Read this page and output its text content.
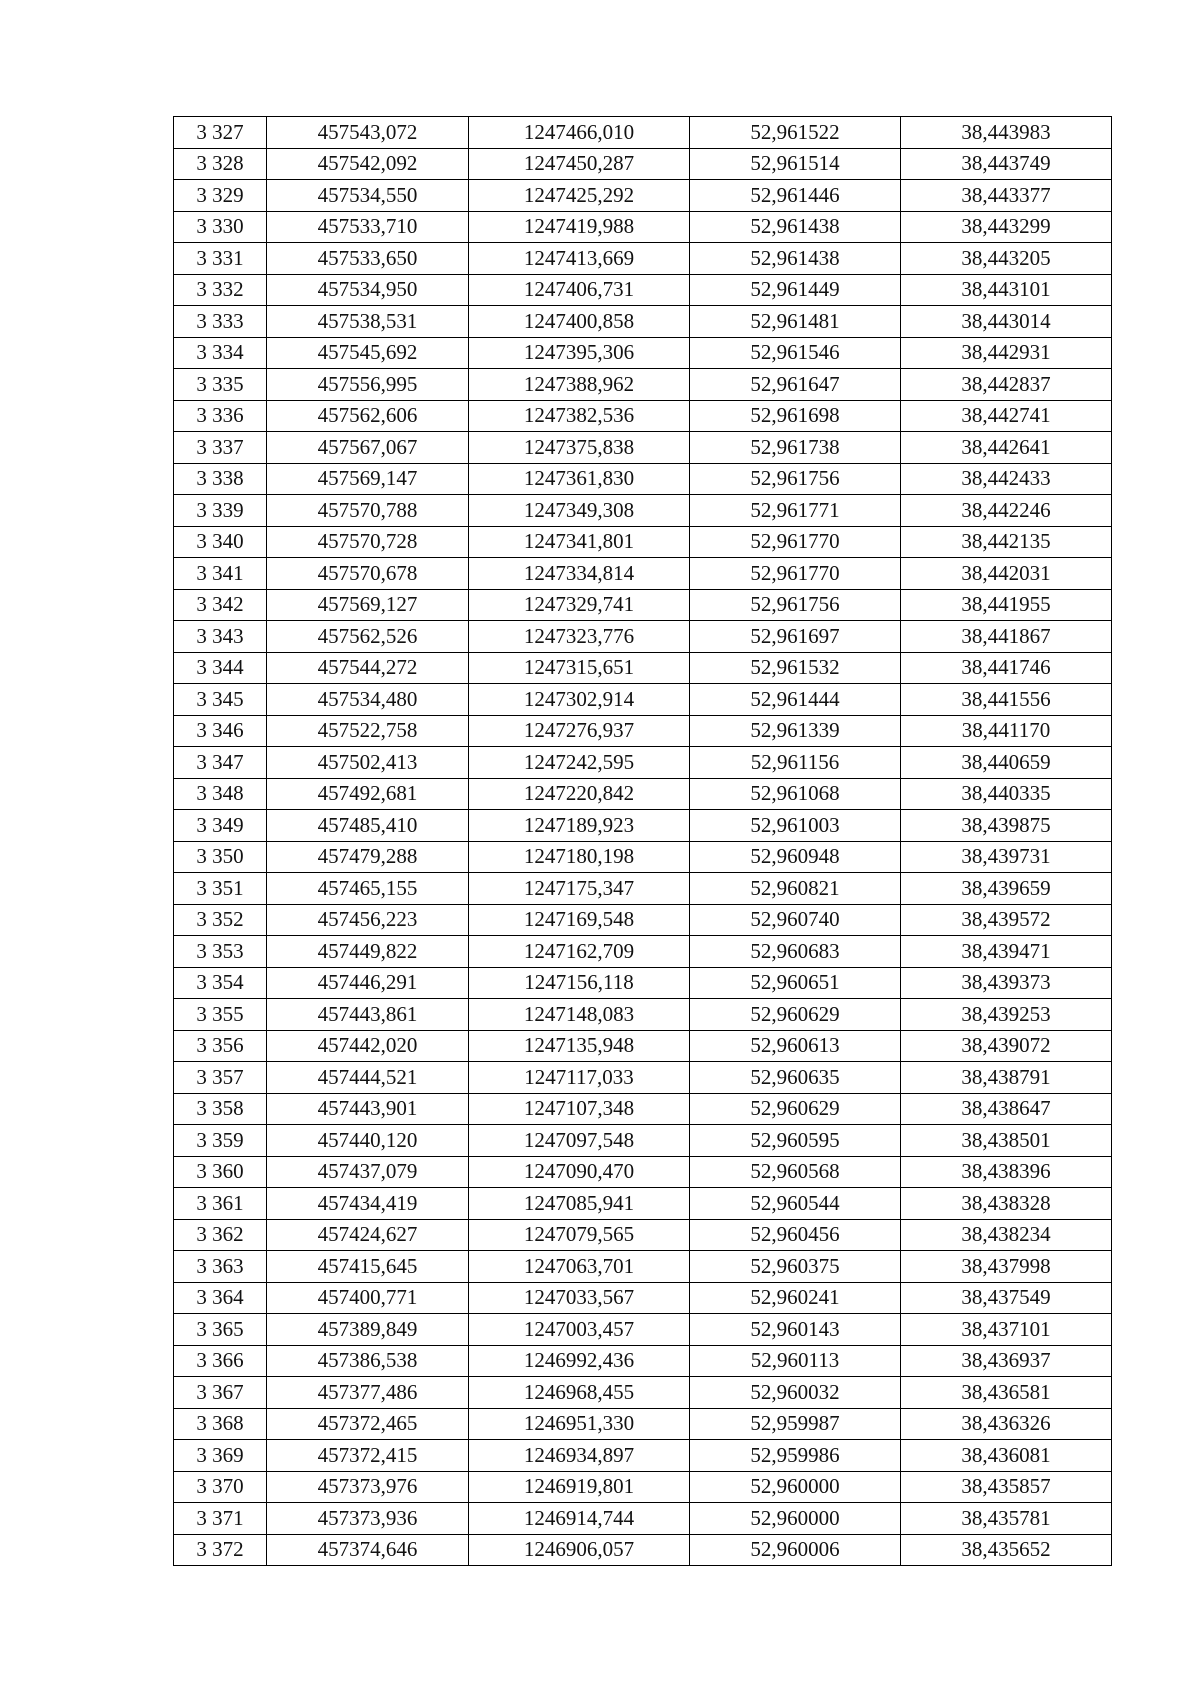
3 327	457543,072	1247466,010	52,961522	38,443983
3 328	457542,092	1247450,287	52,961514	38,443749
3 329	457534,550	1247425,292	52,961446	38,443377
3 330	457533,710	1247419,988	52,961438	38,443299
3 331	457533,650	1247413,669	52,961438	38,443205
3 332	457534,950	1247406,731	52,961449	38,443101
3 333	457538,531	1247400,858	52,961481	38,443014
3 334	457545,692	1247395,306	52,961546	38,442931
3 335	457556,995	1247388,962	52,961647	38,442837
3 336	457562,606	1247382,536	52,961698	38,442741
3 337	457567,067	1247375,838	52,961738	38,442641
3 338	457569,147	1247361,830	52,961756	38,442433
3 339	457570,788	1247349,308	52,961771	38,442246
3 340	457570,728	1247341,801	52,961770	38,442135
3 341	457570,678	1247334,814	52,961770	38,442031
3 342	457569,127	1247329,741	52,961756	38,441955
3 343	457562,526	1247323,776	52,961697	38,441867
3 344	457544,272	1247315,651	52,961532	38,441746
3 345	457534,480	1247302,914	52,961444	38,441556
3 346	457522,758	1247276,937	52,961339	38,441170
3 347	457502,413	1247242,595	52,961156	38,440659
3 348	457492,681	1247220,842	52,961068	38,440335
3 349	457485,410	1247189,923	52,961003	38,439875
3 350	457479,288	1247180,198	52,960948	38,439731
3 351	457465,155	1247175,347	52,960821	38,439659
3 352	457456,223	1247169,548	52,960740	38,439572
3 353	457449,822	1247162,709	52,960683	38,439471
3 354	457446,291	1247156,118	52,960651	38,439373
3 355	457443,861	1247148,083	52,960629	38,439253
3 356	457442,020	1247135,948	52,960613	38,439072
3 357	457444,521	1247117,033	52,960635	38,438791
3 358	457443,901	1247107,348	52,960629	38,438647
3 359	457440,120	1247097,548	52,960595	38,438501
3 360	457437,079	1247090,470	52,960568	38,438396
3 361	457434,419	1247085,941	52,960544	38,438328
3 362	457424,627	1247079,565	52,960456	38,438234
3 363	457415,645	1247063,701	52,960375	38,437998
3 364	457400,771	1247033,567	52,960241	38,437549
3 365	457389,849	1247003,457	52,960143	38,437101
3 366	457386,538	1246992,436	52,960113	38,436937
3 367	457377,486	1246968,455	52,960032	38,436581
3 368	457372,465	1246951,330	52,959987	38,436326
3 369	457372,415	1246934,897	52,959986	38,436081
3 370	457373,976	1246919,801	52,960000	38,435857
3 371	457373,936	1246914,744	52,960000	38,435781
3 372	457374,646	1246906,057	52,960006	38,435652
